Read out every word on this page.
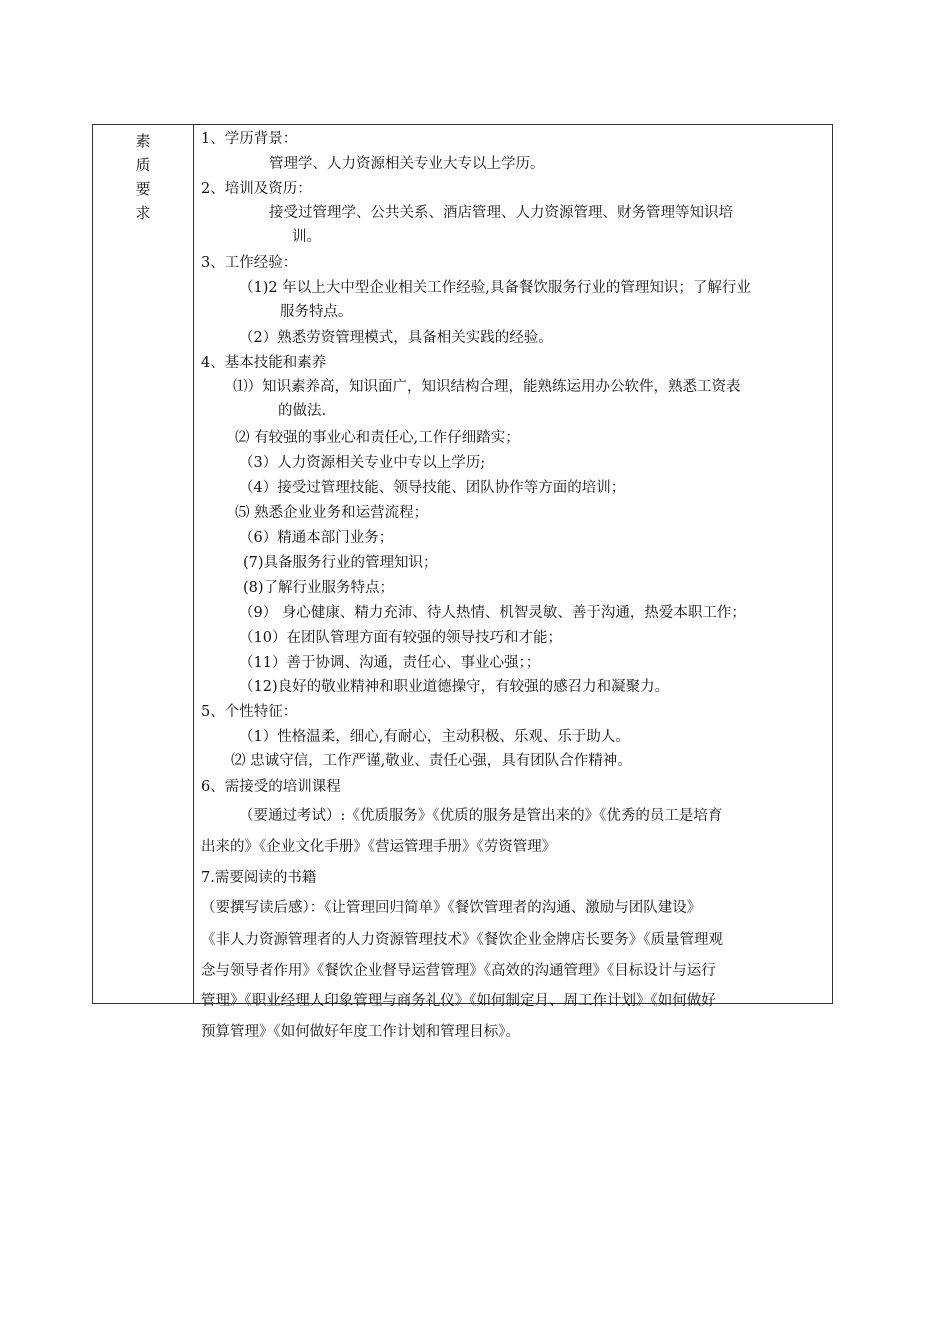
素
质
要
求
1、学历背景：
管理学、人力资源相关专业大专以上学历。
2、培训及资历：
接受过管理学、公共关系、酒店管理、人力资源管理、财务管理等知识培
训。
3、工作经验：
（1)2 年以上大中型企业相关工作经验,具备餐饮服务行业的管理知识；了解行业
服务特点。
（2）熟悉劳资管理模式，具备相关实践的经验。
4、基本技能和素养
⑴）知识素养高，知识面广，知识结构合理，能熟练运用办公软件，熟悉工资表
的做法.
⑵ 有较强的事业心和责任心,工作仔细踏实；
（3）人力资源相关专业中专以上学历;
（4）接受过管理技能、领导技能、团队协作等方面的培训；
⑸ 熟悉企业业务和运营流程；
（6）精通本部门业务；
(7)具备服务行业的管理知识；
(8)了解行业服务特点；
（9） 身心健康、精力充沛、待人热情、机智灵敏、善于沟通，热爱本职工作；
（10）在团队管理方面有较强的领导技巧和才能；
（11）善于协调、沟通，责任心、事业心强；；
（12)良好的敬业精神和职业道德操守，有较强的感召力和凝聚力。
5、个性特征：
（1）性格温柔，细心,有耐心，主动积极、乐观、乐于助人。
⑵ 忠诚守信，工作严谨,敬业、责任心强，具有团队合作精神。
6、需接受的培训课程
（要通过考试）:《优质服务》《优质的服务是管出来的》《优秀的员工是培育
出来的》《企业文化手册》《营运管理手册》《劳资管理》
7.需要阅读的书籍
（要撰写读后感）：《让管理回归简单》《餐饮管理者的沟通、激励与团队建设》
《非人力资源管理者的人力资源管理技术》《餐饮企业金牌店长要务》《质量管理观
念与领导者作用》《餐饮企业督导运营管理》《高效的沟通管理》《目标设计与运行
管理》《职业经理人印象管理与商务礼仪》《如何制定月、周工作计划》《如何做好
预算管理》《如何做好年度工作计划和管理目标》。
